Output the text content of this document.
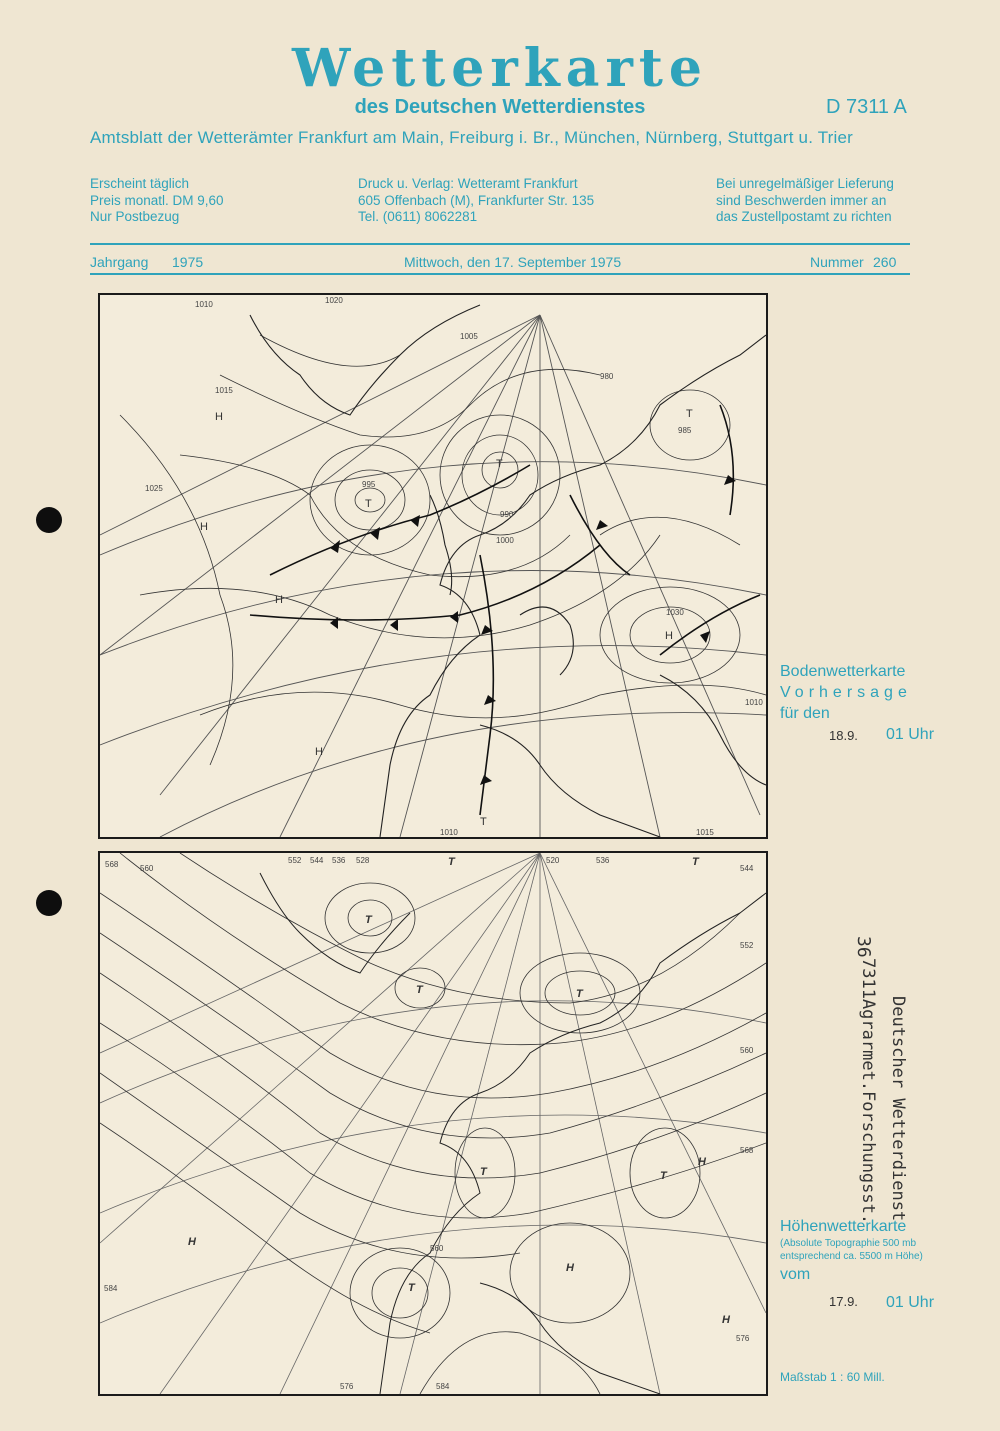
Wetterkarte
des Deutschen Wetterdienstes	D 7311 A
Amtsblatt der Wetterämter Frankfurt am Main, Freiburg i. Br., München, Nürnberg, Stuttgart u. Trier
Erscheint täglich
Preis monatl. DM 9,60
Nur Postbezug
Druck u. Verlag: Wetteramt Frankfurt
605 Offenbach (M), Frankfurter Str. 135
Tel. (0611) 8062281
Bei unregelmäßiger Lieferung
sind Beschwerden immer an
das Zustellpostamt zu richten
Jahrgang 1975	Mittwoch, den 17. September 1975	Nummer 260
H
H
H
H
T
T
T
T
H
1010
1005
1015
1020
1025	995
990
985
980
1000
1030
1010	1015
1010
Bodenwetterkarte
Vorhersage
für den
18.9. 01 Uhr
T
T	T
T	T
T
T
H
H
H
H
T
560
568	552 544 536 528	520	536
544
552
560
568
576
584
576	584
560
Höhenwetterkarte
(Absolute Topographie 500 mb
entsprechend ca. 5500 m Höhe)
vom
17.9. 01 Uhr
Maßstab 1 : 60 Mill.
36
Deutscher Wetterdienst
7311Agrarmet.Forschungsst.
